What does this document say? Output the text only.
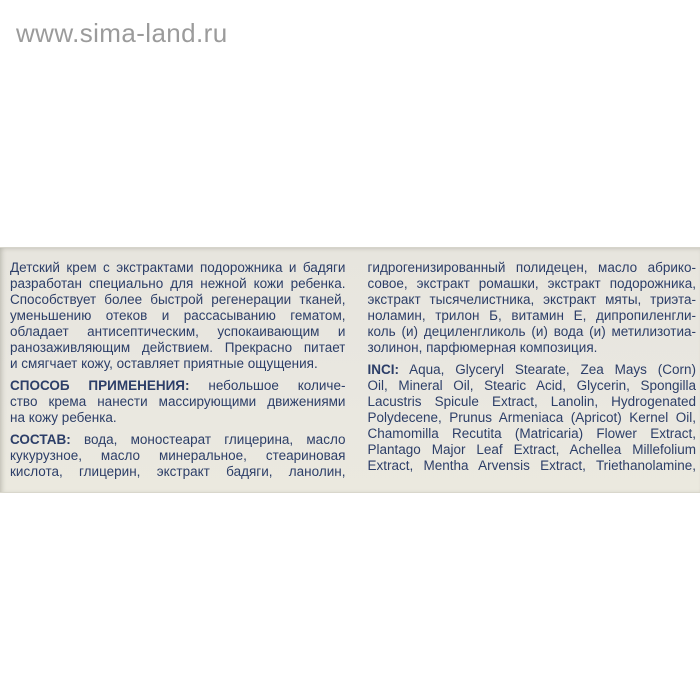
www.sima-land.ru
Детский крем с экстрактами подорожника и бадяги
разработан специально для нежной кожи ребенка.
Способствует более быстрой регенерации тканей,
уменьшению отеков и рассасыванию гематом,
обладает антисептическим, успокаивающим и
ранозаживляющим действием. Прекрасно питает
и смягчает кожу, оставляет приятные ощущения.
СПОСОБ ПРИМЕНЕНИЯ: небольшое количе-
ство крема нанести массирующими движениями
на кожу ребенка.
СОСТАВ: вода, моностеарат глицерина, масло
кукурузное, масло минеральное, стеариновая
кислота, глицерин, экстракт бадяги, ланолин,
гидрогенизированный полидецен, масло абрико-
совое, экстракт ромашки, экстракт подорожника,
экстракт тысячелистника, экстракт мяты, триэта-
ноламин, трилон Б, витамин Е, дипропиленгли-
коль (и) дециленгликоль (и) вода (и) метилизотиа-
золинон, парфюмерная композиция.
INCI: Aqua, Glyceryl Stearate, Zea Mays (Corn)
Oil, Mineral Oil, Stearic Acid, Glycerin, Spongilla
Lacustris Spicule Extract, Lanolin, Hydrogenated
Polydecene, Prunus Armeniaca (Apricot) Kernel Oil,
Chamomilla Recutita (Matricaria) Flower Extract,
Plantago Major Leaf Extract, Achellea Millefolium
Extract, Mentha Arvensis Extract, Triethanolamine,
